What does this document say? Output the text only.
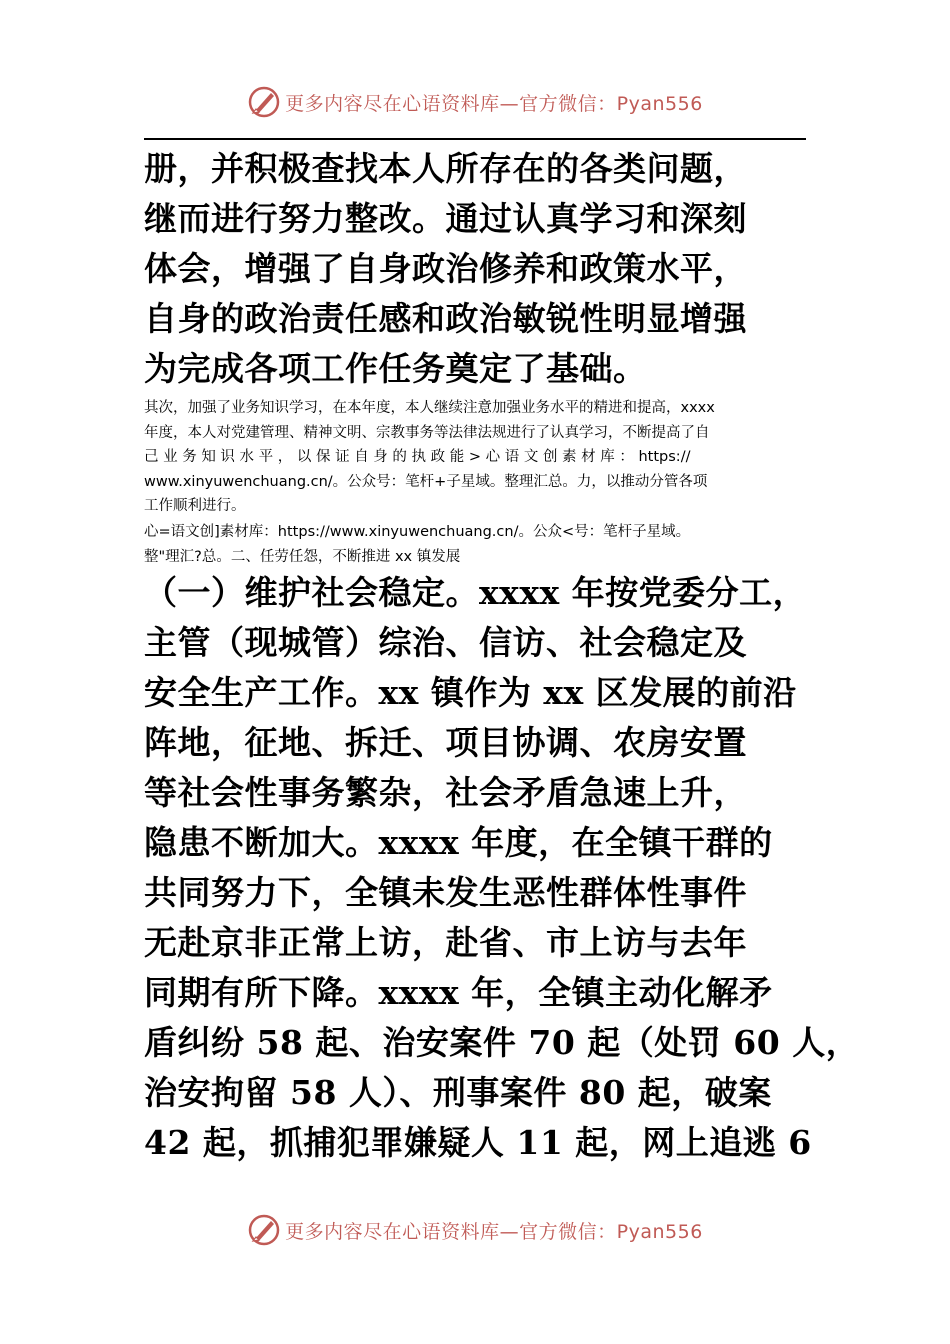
更多内容尽在心语资料库—官方微信：Pyan556
册，并积极查找本人所存在的各类问题，
继而进行努力整改。通过认真学习和深刻
体会，增强了自身政治修养和政策水平，
自身的政治责任感和政治敏锐性明显增强
为完成各项工作任务奠定了基础。
其次，加强了业务知识学习，在本年度，本人继续注意加强业务水平的精进和提高，xxxx
年度，本人对党建管理、精神文明、宗教事务等法律法规进行了认真学习，不断提高了自
己 业 务 知 识 水 平 ， 以 保 证 自 身 的 执 政 能 > 心 语 文 创 素 材 库 ： https://
www.xinyuwenchuang.cn/。公众号：笔杆+子星域。整理汇总。力，以推动分管各项
工作顺利进行。
心=语文创]素材库：https://www.xinyuwenchuang.cn/。公众<号：笔杆子星域。
整"理汇?总。二、任劳任怨，不断推进 xx 镇发展
（一）维护社会稳定。xxxx 年按党委分工，
主管（现城管）综治、信访、社会稳定及
安全生产工作。xx 镇作为 xx 区发展的前沿
阵地，征地、拆迁、项目协调、农房安置
等社会性事务繁杂，社会矛盾急速上升，
隐患不断加大。xxxx 年度，在全镇干群的
共同努力下，全镇未发生恶性群体性事件
无赴京非正常上访，赴省、市上访与去年
同期有所下降。xxxx 年，全镇主动化解矛
盾纠纷 58 起、治安案件 70 起（处罚 60 人，
治安拘留 58 人）、刑事案件 80 起，破案
42 起，抓捕犯罪嫌疑人 11 起，网上追逃 6
更多内容尽在心语资料库—官方微信：Pyan556
